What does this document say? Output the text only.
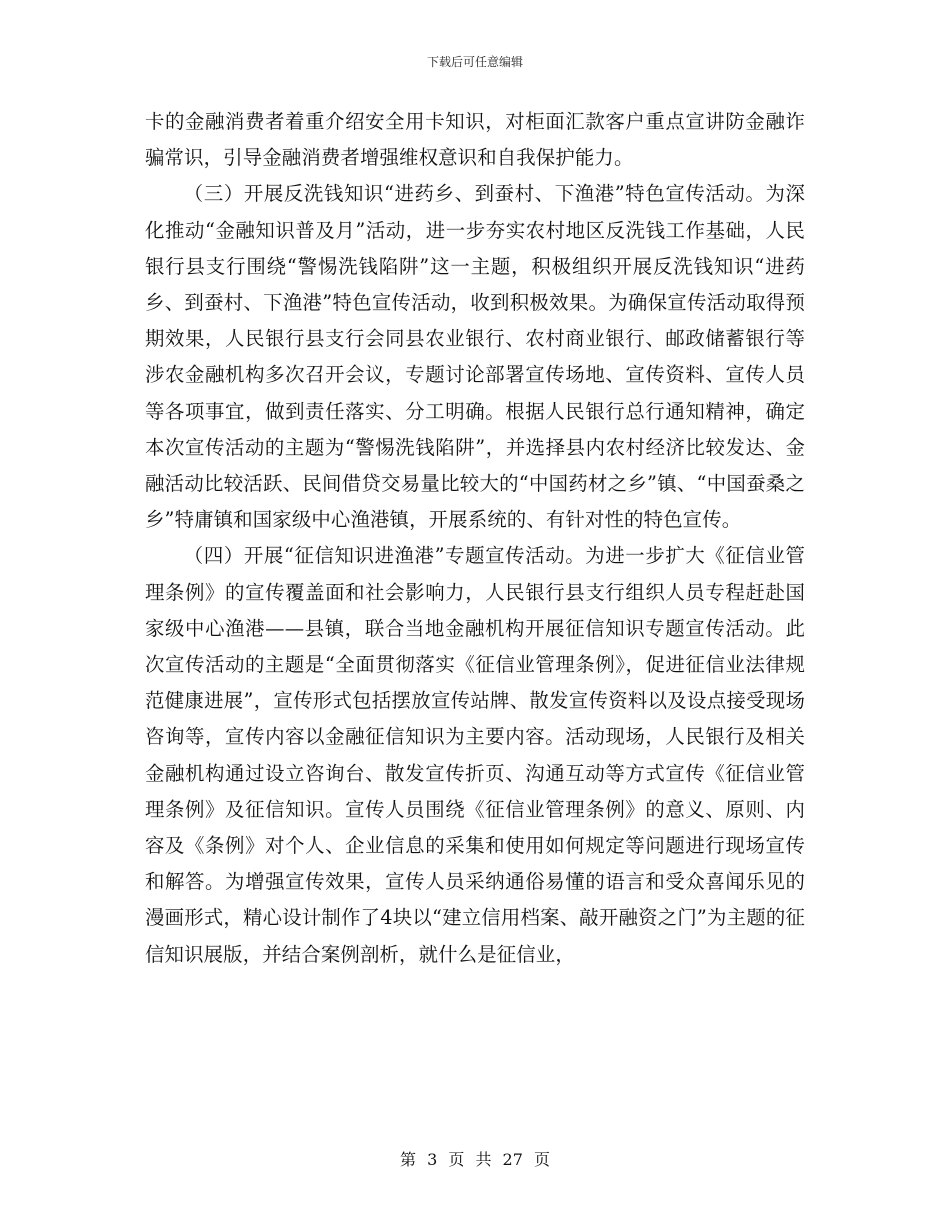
下载后可任意编辑

卡的金融消费者着重介绍安全用卡知识，对柜面汇款客户重点宣讲防金融诈骗常识，引导金融消费者增强维权意识和自我保护能力。

（三）开展反洗钱知识“进药乡、到蚕村、下渔港”特色宣传活动。为深化推动“金融知识普及月”活动，进一步夯实农村地区反洗钱工作基础，人民银行县支行围绕“警惕洗钱陷阱”这一主题，积极组织开展反洗钱知识“进药乡、到蚕村、下渔港”特色宣传活动，收到积极效果。为确保宣传活动取得预期效果，人民银行县支行会同县农业银行、农村商业银行、邮政储蓄银行等涉农金融机构多次召开会议，专题讨论部署宣传场地、宣传资料、宣传人员等各项事宜，做到责任落实、分工明确。根据人民银行总行通知精神，确定本次宣传活动的主题为“警惕洗钱陷阱”，并选择县内农村经济比较发达、金融活动比较活跃、民间借贷交易量比较大的“中国药材之乡”镇、“中国蚕桑之乡”特庸镇和国家级中心渔港镇，开展系统的、有针对性的特色宣传。

（四）开展“征信知识进渔港”专题宣传活动。为进一步扩大《征信业管理条例》的宣传覆盖面和社会影响力，人民银行县支行组织人员专程赶赴国家级中心渔港——县镇，联合当地金融机构开展征信知识专题宣传活动。此次宣传活动的主题是“全面贯彻落实《征信业管理条例》，促进征信业法律规范健康进展”，宣传形式包括摆放宣传站牌、散发宣传资料以及设点接受现场咨询等，宣传内容以金融征信知识为主要内容。活动现场，人民银行及相关金融机构通过设立咨询台、散发宣传折页、沟通互动等方式宣传《征信业管理条例》及征信知识。宣传人员围绕《征信业管理条例》的意义、原则、内容及《条例》对个人、企业信息的采集和使用如何规定等问题进行现场宣传和解答。为增强宣传效果，宣传人员采纳通俗易懂的语言和受众喜闻乐见的漫画形式，精心设计制作了4块以“建立信用档案、敲开融资之门”为主题的征信知识展版，并结合案例剖析，就什么是征信业，

第 3 页 共 27 页
